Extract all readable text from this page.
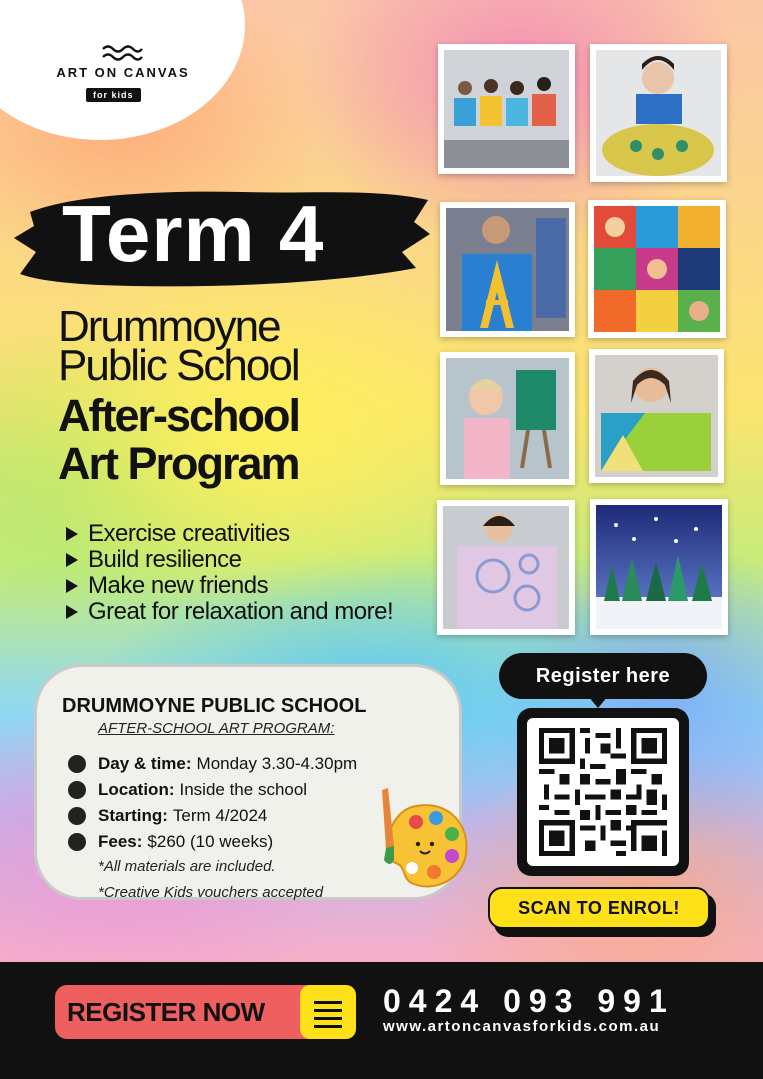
ART ON CANVAS
for kids
Term 4
Drummoyne
Public School
After-school
Art Program
Exercise creativities
Build resilience
Make new friends
Great for relaxation and more!
DRUMMOYNE PUBLIC SCHOOL
AFTER-SCHOOL ART PROGRAM:
Day & time: Monday 3.30-4.30pm
Location: Inside the school
Starting: Term 4/2024
Fees: $260 (10 weeks)
*All materials are included.
*Creative Kids vouchers accepted
Register here
SCAN TO ENROL!
REGISTER NOW	0424 093 991
www.artoncanvasforkids.com.au
